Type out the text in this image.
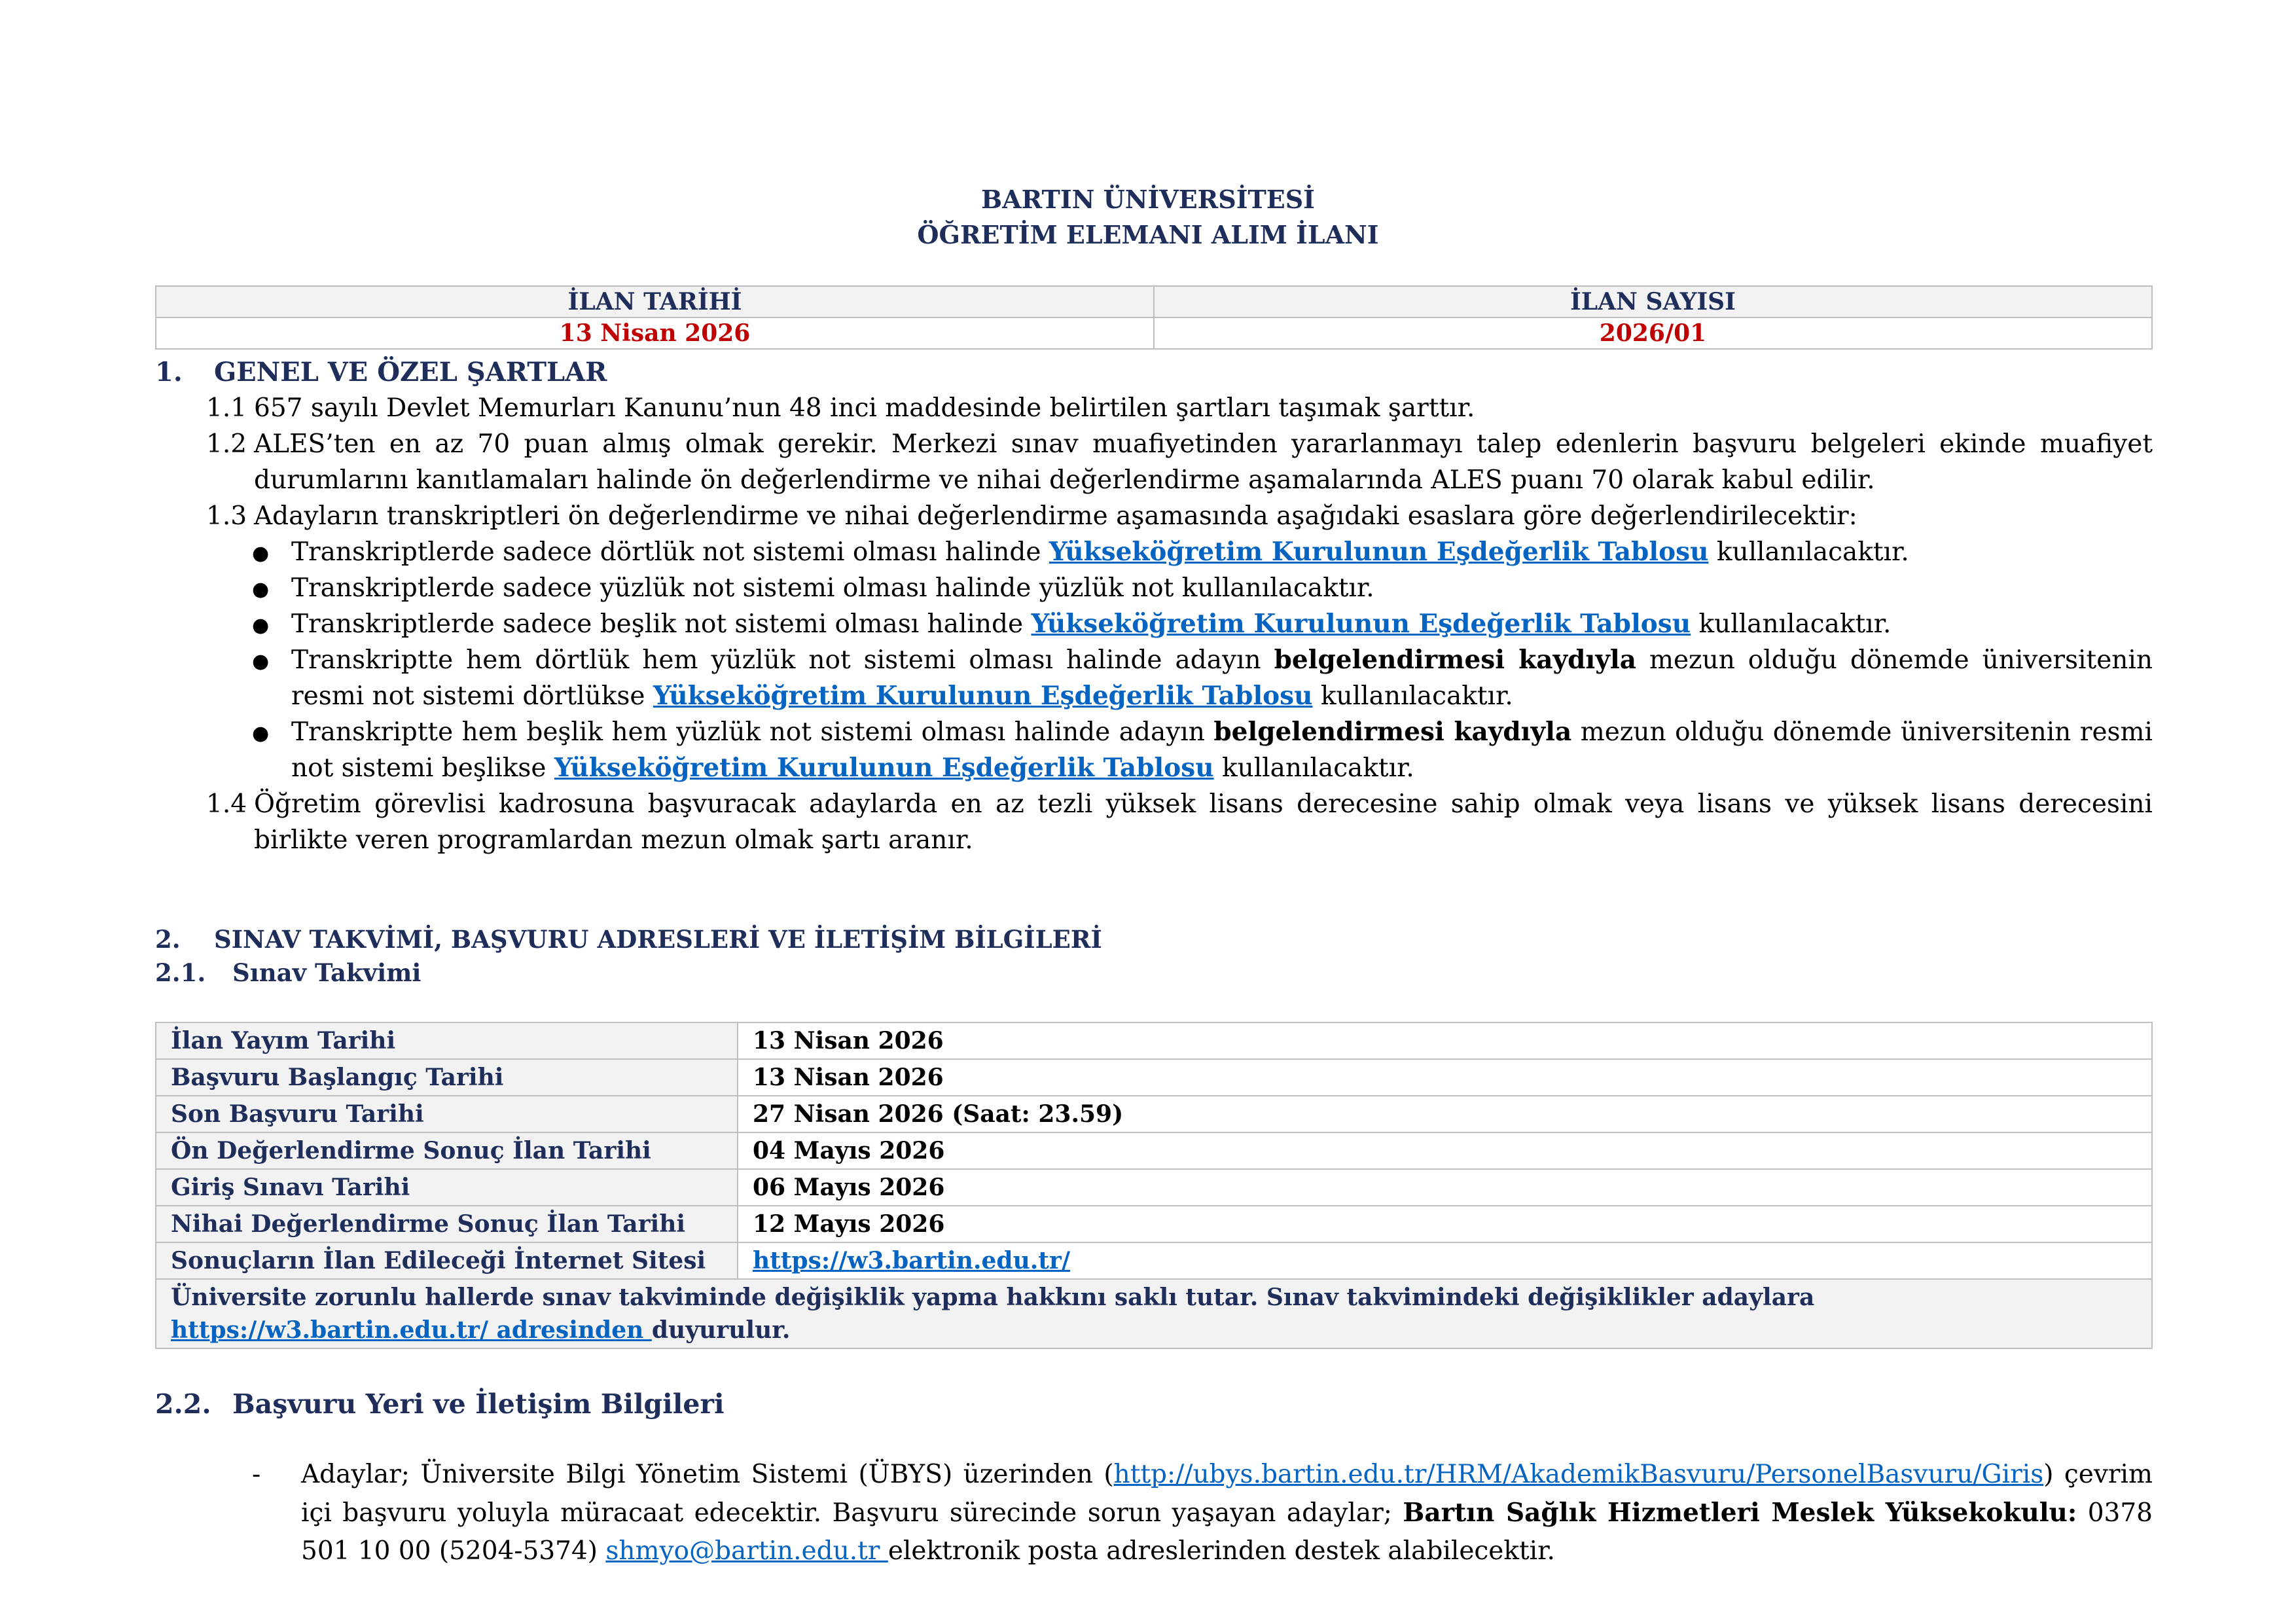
BARTIN ÜNİVERSİTESİ
ÖĞRETİM ELEMANI ALIM İLANI
İLAN TARİHİ	İLAN SAYISI
13 Nisan 2026	2026/01
1. GENEL VE ÖZEL ŞARTLAR
1.1 657 sayılı Devlet Memurları Kanunu’nun 48 inci maddesinde belirtilen şartları taşımak şarttır.
1.2 ALES’ten en az 70 puan almış olmak gerekir. Merkezi sınav muafiyetinden yararlanmayı talep edenlerin başvuru belgeleri ekinde muafiyet durumlarını kanıtlamaları halinde ön değerlendirme ve nihai değerlendirme aşamalarında ALES puanı 70 olarak kabul edilir.
1.3 Adayların transkriptleri ön değerlendirme ve nihai değerlendirme aşamasında aşağıdaki esaslara göre değerlendirilecektir:
● Transkriptlerde sadece dörtlük not sistemi olması halinde Yükseköğretim Kurulunun Eşdeğerlik Tablosu kullanılacaktır.
● Transkriptlerde sadece yüzlük not sistemi olması halinde yüzlük not kullanılacaktır.
● Transkriptlerde sadece beşlik not sistemi olması halinde Yükseköğretim Kurulunun Eşdeğerlik Tablosu kullanılacaktır.
● Transkriptte hem dörtlük hem yüzlük not sistemi olması halinde adayın belgelendirmesi kaydıyla mezun olduğu dönemde üniversitenin resmi not sistemi dörtlükse Yükseköğretim Kurulunun Eşdeğerlik Tablosu kullanılacaktır.
● Transkriptte hem beşlik hem yüzlük not sistemi olması halinde adayın belgelendirmesi kaydıyla mezun olduğu dönemde üniversitenin resmi not sistemi beşlikse Yükseköğretim Kurulunun Eşdeğerlik Tablosu kullanılacaktır.
1.4 Öğretim görevlisi kadrosuna başvuracak adaylarda en az tezli yüksek lisans derecesine sahip olmak veya lisans ve yüksek lisans derecesini birlikte veren programlardan mezun olmak şartı aranır.
2. SINAV TAKVİMİ, BAŞVURU ADRESLERİ VE İLETİŞİM BİLGİLERİ
2.1. Sınav Takvimi
İlan Yayım Tarihi	13 Nisan 2026
Başvuru Başlangıç Tarihi	13 Nisan 2026
Son Başvuru Tarihi	27 Nisan 2026 (Saat: 23.59)
Ön Değerlendirme Sonuç İlan Tarihi	04 Mayıs 2026
Giriş Sınavı Tarihi	06 Mayıs 2026
Nihai Değerlendirme Sonuç İlan Tarihi	12 Mayıs 2026
Sonuçların İlan Edileceği İnternet Sitesi	https://w3.bartin.edu.tr/
Üniversite zorunlu hallerde sınav takviminde değişiklik yapma hakkını saklı tutar. Sınav takvimindeki değişiklikler adaylara https://w3.bartin.edu.tr/ adresinden duyurulur.	
2.2. Başvuru Yeri ve İletişim Bilgileri
- Adaylar; Üniversite Bilgi Yönetim Sistemi (ÜBYS) üzerinden (http://ubys.bartin.edu.tr/HRM/AkademikBasvuru/PersonelBasvuru/Giris) çevrim içi başvuru yoluyla müracaat edecektir. Başvuru sürecinde sorun yaşayan adaylar; Bartın Sağlık Hizmetleri Meslek Yüksekokulu: 0378 501 10 00 (5204-5374) shmyo@bartin.edu.tr elektronik posta adreslerinden destek alabilecektir.
